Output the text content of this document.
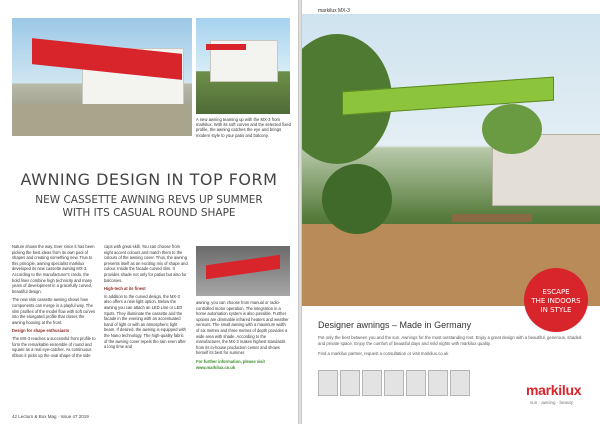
A new awning teaming up with the MX-3 from markilux. With its soft curves and the selected fixed profile, the awning catches the eye and brings modern style to your patio and balcony.
AWNING DESIGN IN TOP FORM
NEW CASSETTE AWNING REVS UP SUMMER
WITH ITS CASUAL ROUND SHAPE

Nature shows the way. Ever since it has been picking the best ideas from its own pool of shapes and creating something new. True to this principle, awning specialist markilux developed its new cassette awning MX-3. According to the manufacturer's credo, the bold lines combine high technicity and many years of development in a gracefully curved, beautiful design.

The new slim cassette awning shows how components can merge in a playful way. The slim profiles of the model flow with soft curves into the elongated profile that closes the awning housing at the front.

Design for shape enthusiasts

The MX-3 reaches a successful front profile to form the remarkable ensemble of round and square as a real eye-catcher. As continuous ribbon it picks up the oval shape of the side

caps with great skill. You can choose from eight accent colours and match them to the colours of the awning cover. Thus, the awning presents itself as an exciting mix of shape and colour. Inside the facade curved slim. It provides shade not only for patios but also for balconies.

High-tech at its finest

In addition to the curved design, the MX-3 also offers a new light option. Below the awning you can attach an LED Line or LED Spots. They illuminate the cassette and the facade in the evening with an accentuated band of light or with an atmospheric light beam. If desired, the awning is equipped with the Nano technology. The high-quality fabric of the awning cover repels the rain even after a long time and

awning, you can choose from manual or radio-controlled motor operation. The integration in a home automation system is also possible. Further options are dimmable infrared heaters and weather sensors. The small awning with a maximum width of six metres and three metres of depth provides a wide area with shade. According to the manufacturer, the MX-3 makes highest standards from its in-house production center and shows herself its best for summer.

For further information, please visit www.markilux.co.uk

42 Lecturn & Box Mag · Issue 47 2019
markilux MX-3
ESCAPE
THE INDOORS
IN STYLE
Designer awnings – Made in Germany
Put only the best between you and the sun. Awnings for the most outstanding rest. Enjoy a great design with a beautiful, generous, shaded and private space. Enjoy the comfort of beautiful days and mild nights with markilux quality.
Find a markilux partner, request a consultation or visit markilux.co.uk
markilux
sun · awning · beauty
